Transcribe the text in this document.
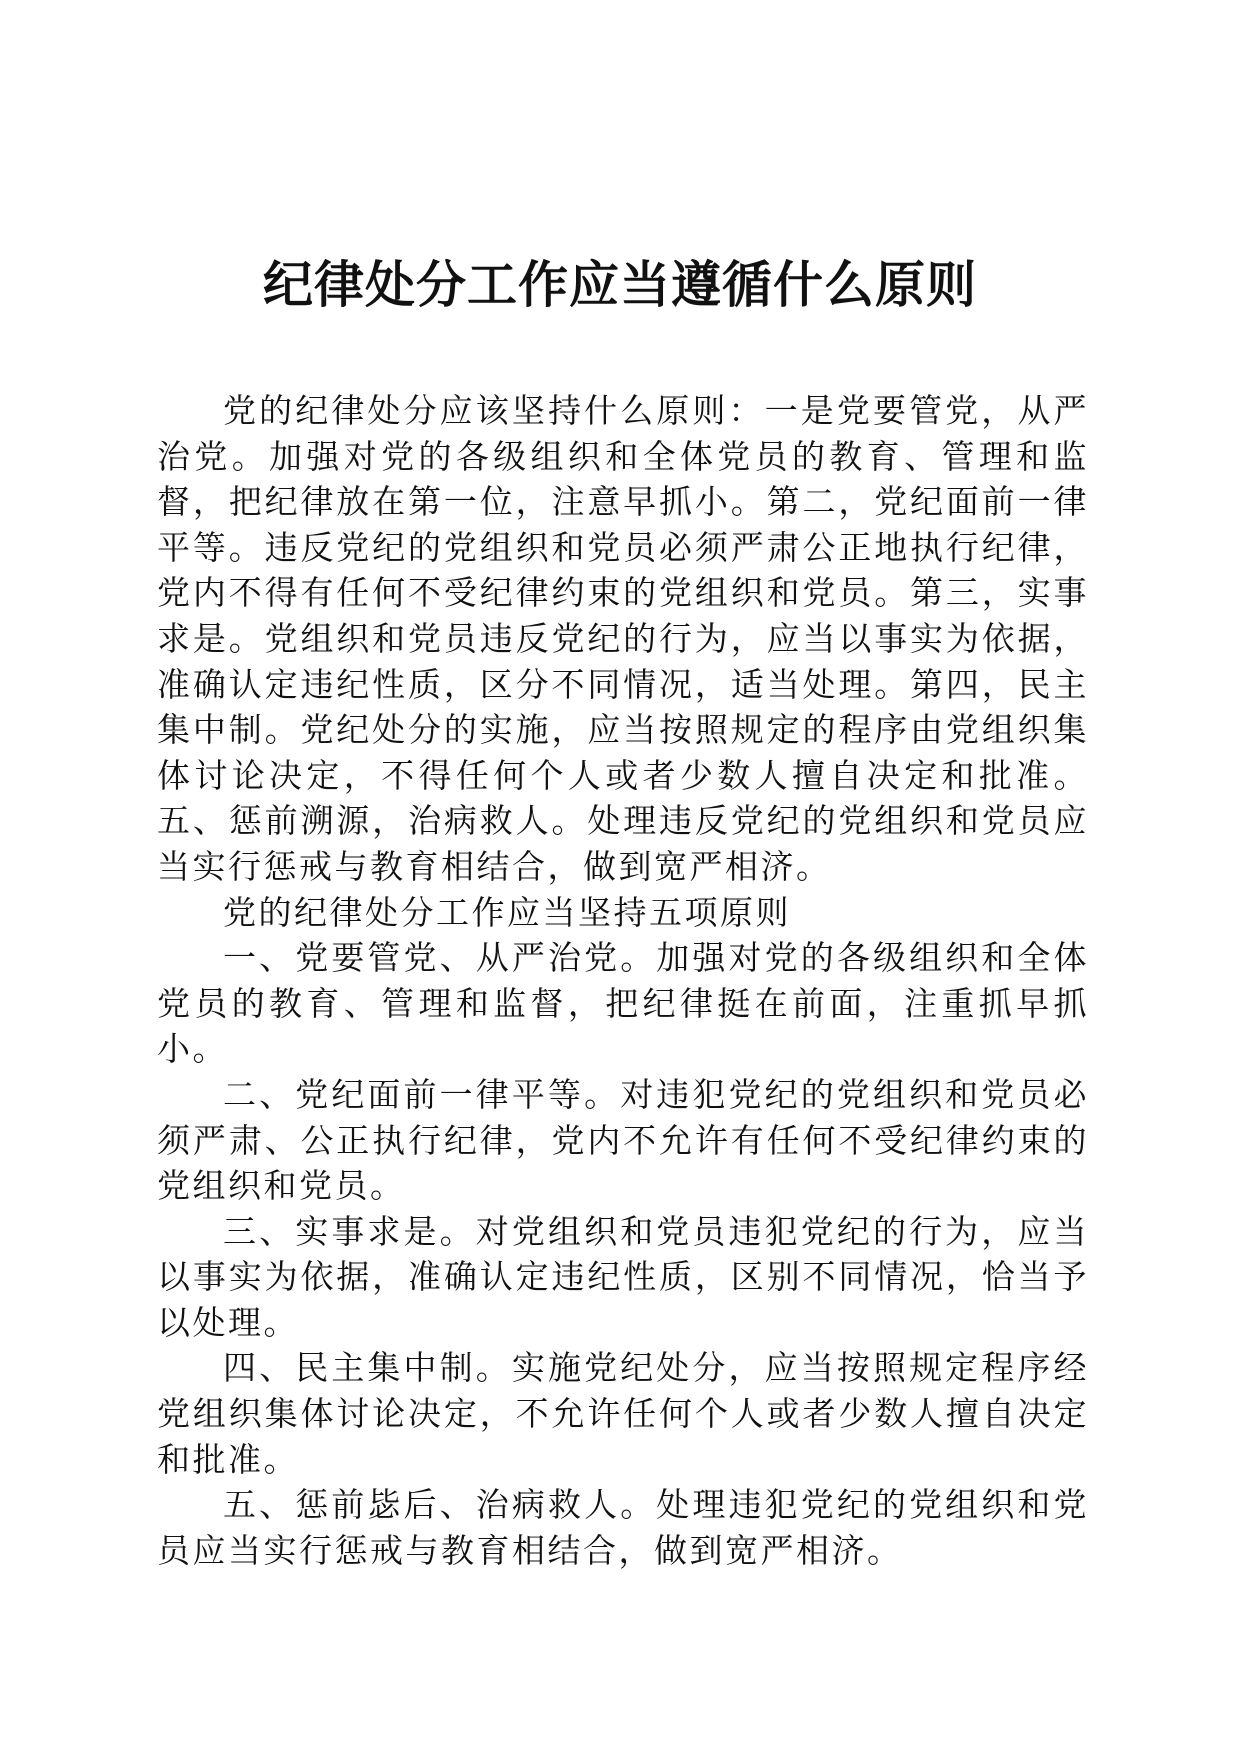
纪律处分工作应当遵循什么原则

党的纪律处分应该坚持什么原则：一是党要管党，从严治党。加强对党的各级组织和全体党员的教育、管理和监督，把纪律放在第一位，注意早抓小。第二，党纪面前一律平等。违反党纪的党组织和党员必须严肃公正地执行纪律，党内不得有任何不受纪律约束的党组织和党员。第三，实事求是。党组织和党员违反党纪的行为，应当以事实为依据，准确认定违纪性质，区分不同情况，适当处理。第四，民主集中制。党纪处分的实施，应当按照规定的程序由党组织集体讨论决定，不得任何个人或者少数人擅自决定和批准。五、惩前溯源，治病救人。处理违反党纪的党组织和党员应当实行惩戒与教育相结合，做到宽严相济。

党的纪律处分工作应当坚持五项原则

一、党要管党、从严治党。加强对党的各级组织和全体党员的教育、管理和监督，把纪律挺在前面，注重抓早抓小。

二、党纪面前一律平等。对违犯党纪的党组织和党员必须严肃、公正执行纪律，党内不允许有任何不受纪律约束的党组织和党员。

三、实事求是。对党组织和党员违犯党纪的行为，应当以事实为依据，准确认定违纪性质，区别不同情况，恰当予以处理。

四、民主集中制。实施党纪处分，应当按照规定程序经党组织集体讨论决定，不允许任何个人或者少数人擅自决定和批准。

五、惩前毖后、治病救人。处理违犯党纪的党组织和党员应当实行惩戒与教育相结合，做到宽严相济。
